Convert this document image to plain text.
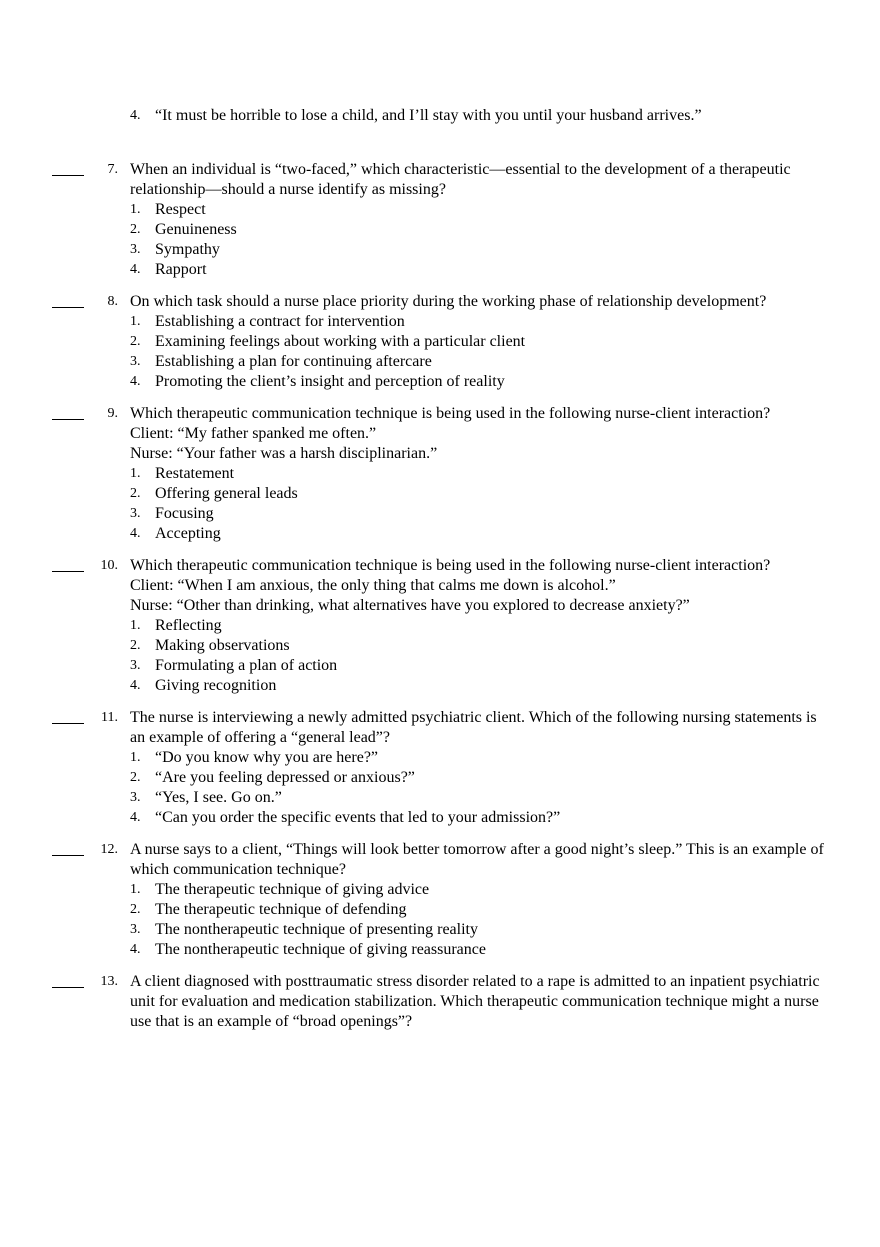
4. “It must be horrible to lose a child, and I’ll stay with you until your husband arrives.”
7. When an individual is “two-faced,” which characteristic—essential to the development of a therapeutic relationship—should a nurse identify as missing?
1. Respect
2. Genuineness
3. Sympathy
4. Rapport
8. On which task should a nurse place priority during the working phase of relationship development?
1. Establishing a contract for intervention
2. Examining feelings about working with a particular client
3. Establishing a plan for continuing aftercare
4. Promoting the client’s insight and perception of reality
9. Which therapeutic communication technique is being used in the following nurse-client interaction?
Client: “My father spanked me often.”
Nurse: “Your father was a harsh disciplinarian.”
1. Restatement
2. Offering general leads
3. Focusing
4. Accepting
10. Which therapeutic communication technique is being used in the following nurse-client interaction?
Client: “When I am anxious, the only thing that calms me down is alcohol.”
Nurse: “Other than drinking, what alternatives have you explored to decrease anxiety?”
1. Reflecting
2. Making observations
3. Formulating a plan of action
4. Giving recognition
11. The nurse is interviewing a newly admitted psychiatric client. Which of the following nursing statements is an example of offering a “general lead”?
1. “Do you know why you are here?”
2. “Are you feeling depressed or anxious?”
3. “Yes, I see. Go on.”
4. “Can you order the specific events that led to your admission?”
12. A nurse says to a client, “Things will look better tomorrow after a good night’s sleep.” This is an example of which communication technique?
1. The therapeutic technique of giving advice
2. The therapeutic technique of defending
3. The nontherapeutic technique of presenting reality
4. The nontherapeutic technique of giving reassurance
13. A client diagnosed with posttraumatic stress disorder related to a rape is admitted to an inpatient psychiatric unit for evaluation and medication stabilization. Which therapeutic communication technique might a nurse use that is an example of “broad openings”?
